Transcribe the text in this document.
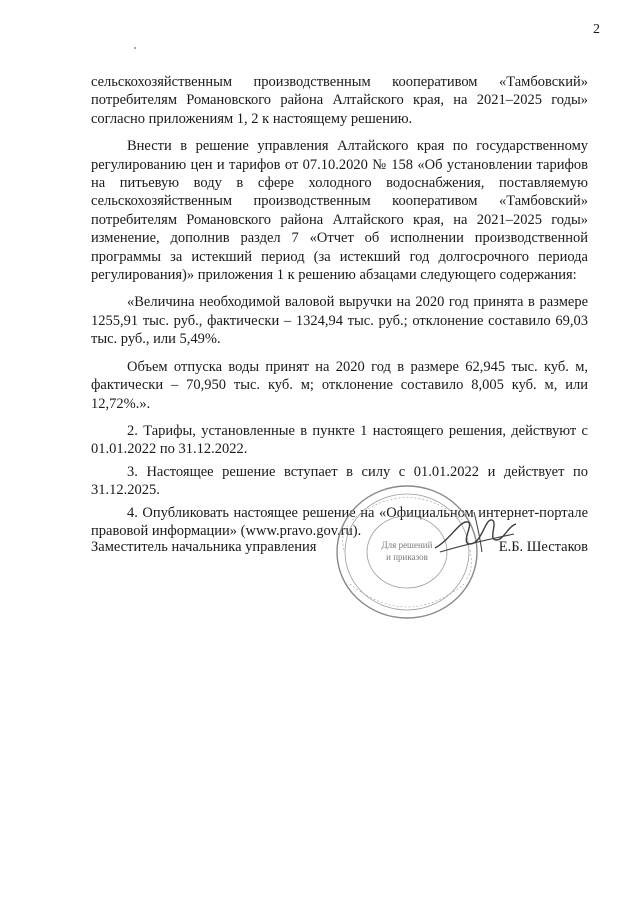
2

сельскохозяйственным производственным кооперативом «Тамбовский» потребителям Романовского района Алтайского края, на 2021–2025 годы» согласно приложениям 1, 2 к настоящему решению.

Внести в решение управления Алтайского края по государственному регулированию цен и тарифов от 07.10.2020 № 158 «Об установлении тарифов на питьевую воду в сфере холодного водоснабжения, поставляемую сельскохозяйственным производственным кооперативом «Тамбовский» потребителям Романовского района Алтайского края, на 2021–2025 годы» изменение, дополнив раздел 7 «Отчет об исполнении производственной программы за истекший период (за истекший год долгосрочного периода регулирования)» приложения 1 к решению абзацами следующего содержания:

«Величина необходимой валовой выручки на 2020 год принята в размере 1255,91 тыс. руб., фактически – 1324,94 тыс. руб.; отклонение составило 69,03 тыс. руб., или 5,49%.

Объем отпуска воды принят на 2020 год в размере 62,945 тыс. куб. м, фактически – 70,950 тыс. куб. м; отклонение составило 8,005 куб. м, или 12,72%.».

2. Тарифы, установленные в пункте 1 настоящего решения, действуют с 01.01.2022 по 31.12.2022.

3. Настоящее решение вступает в силу с 01.01.2022 и действует по 31.12.2025.

4. Опубликовать настоящее решение на «Официальном интернет-портале правовой информации» (www.pravo.gov.ru).

Для решений
и приказов
Заместитель начальника управления	Е.Б. Шестаков
